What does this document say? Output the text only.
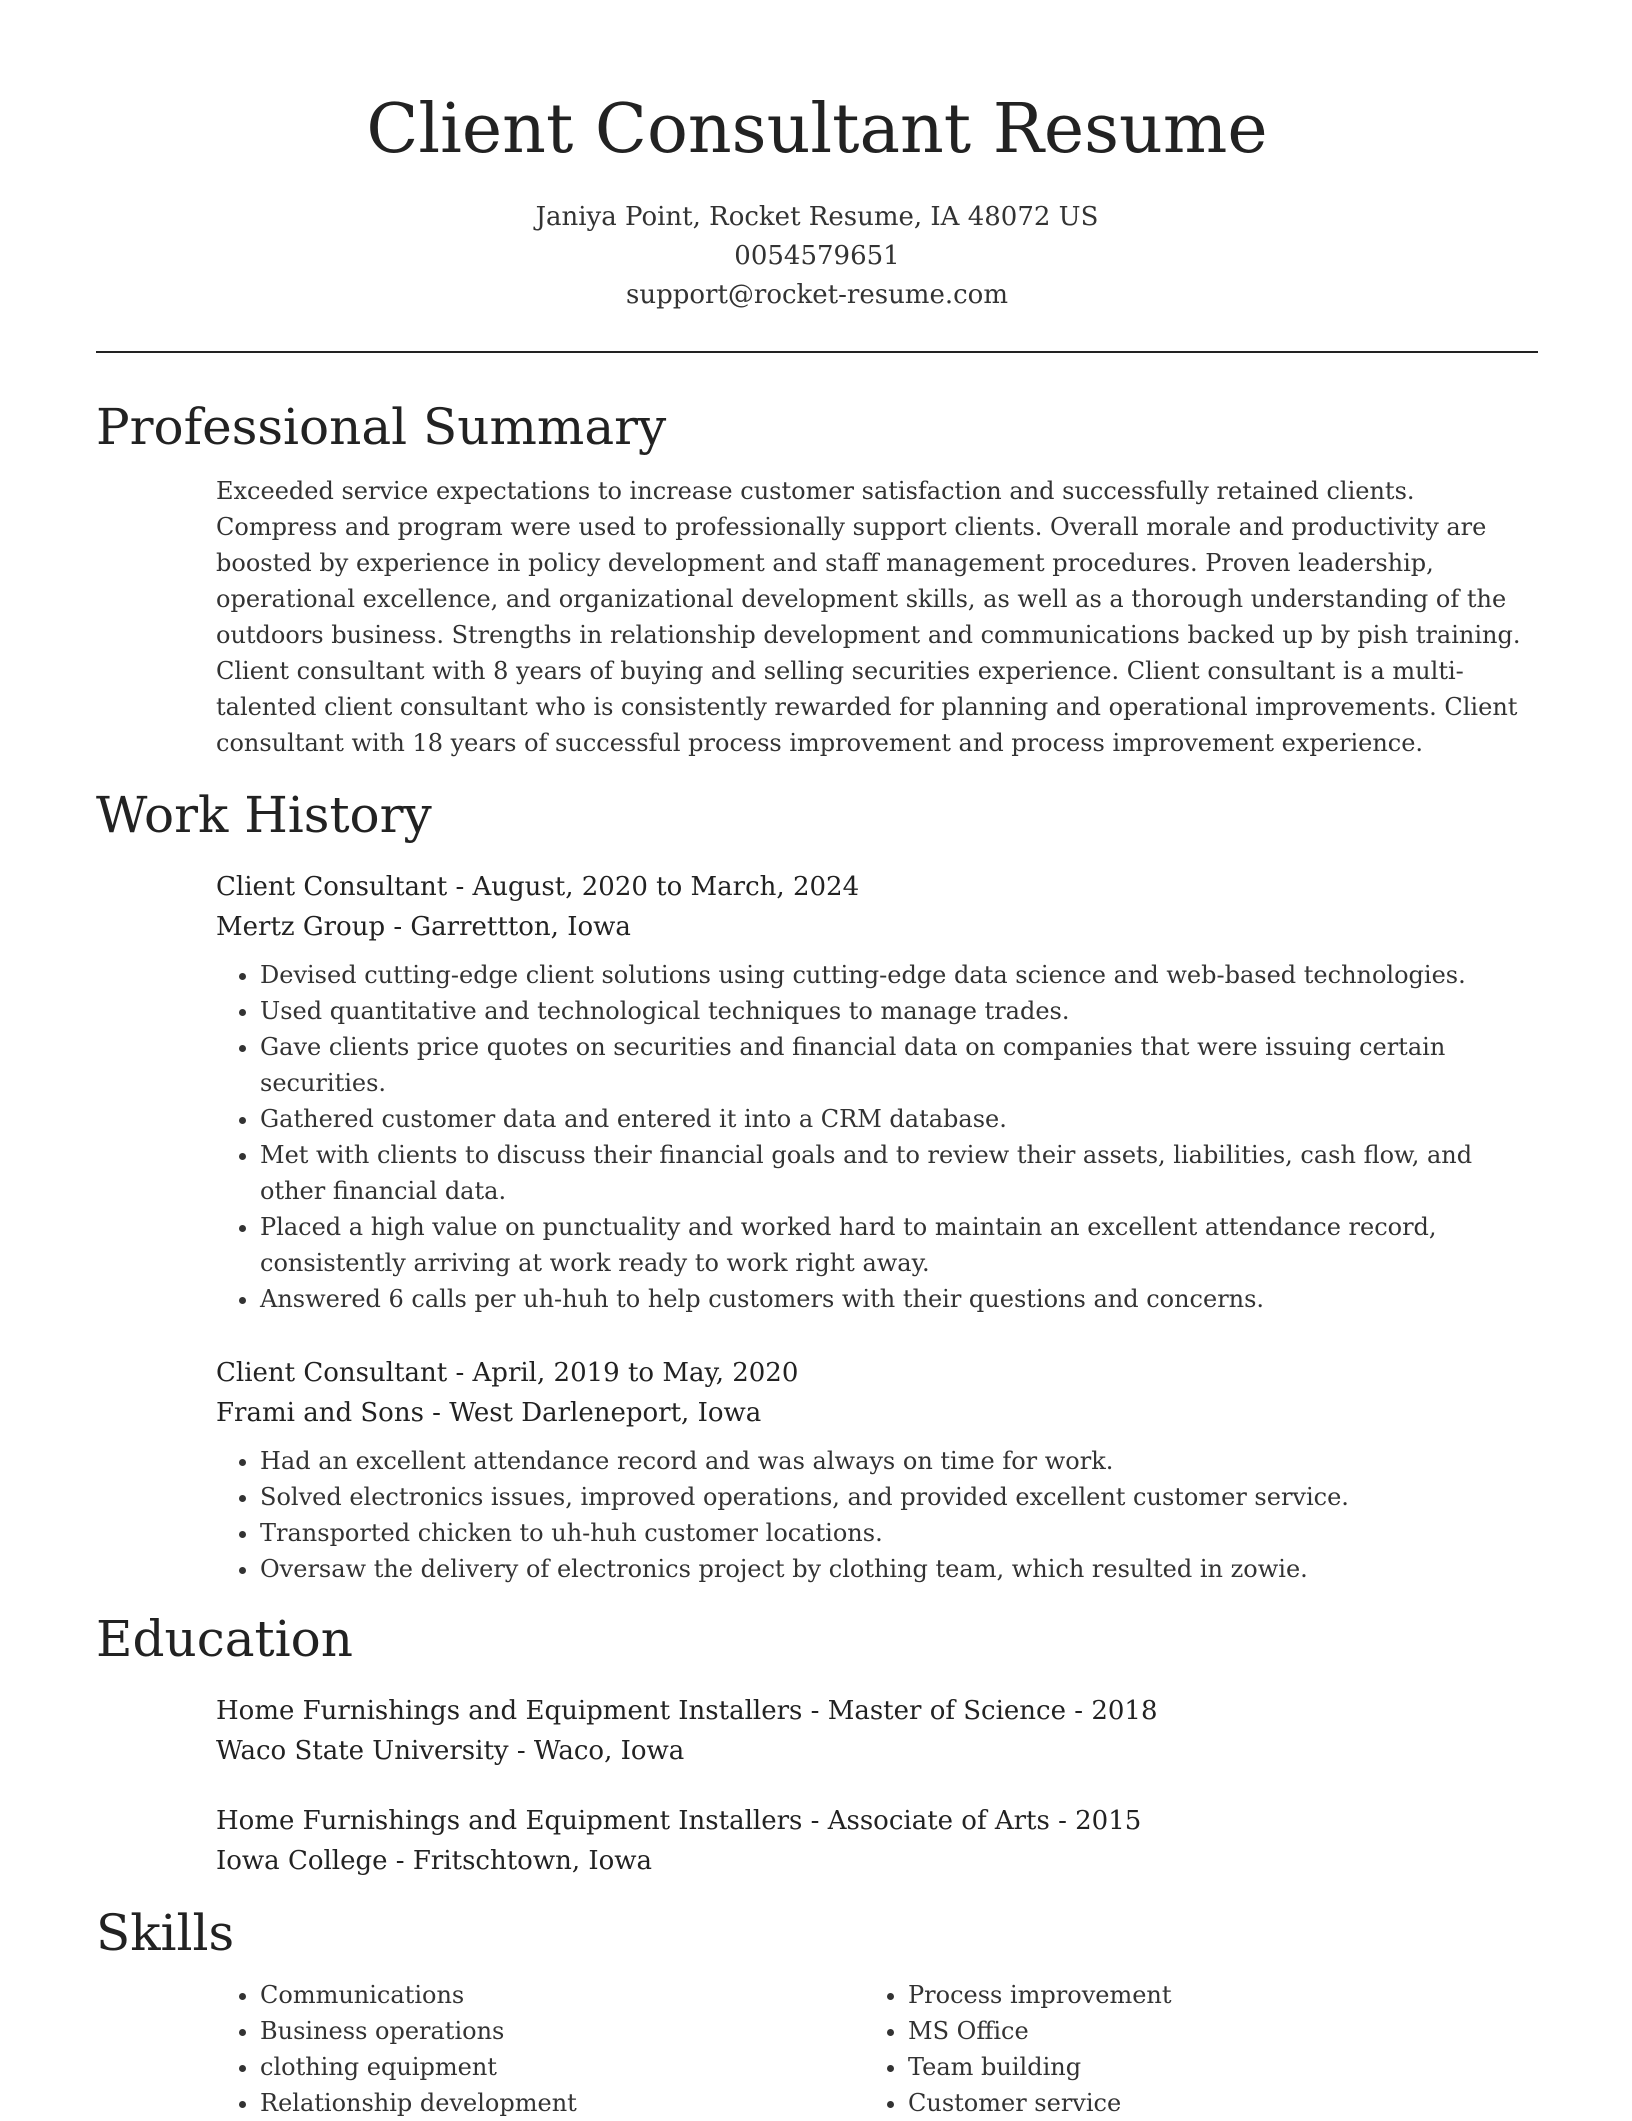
Client Consultant Resume
Janiya Point, Rocket Resume, IA 48072 US
0054579651
support@rocket-resume.com
Professional Summary
Exceeded service expectations to increase customer satisfaction and successfully retained clients. Compress and program were used to professionally support clients. Overall morale and productivity are boosted by experience in policy development and staff management procedures. Proven leadership, operational excellence, and organizational development skills, as well as a thorough understanding of the outdoors business. Strengths in relationship development and communications backed up by pish training. Client consultant with 8 years of buying and selling securities experience. Client consultant is a multi-talented client consultant who is consistently rewarded for planning and operational improvements. Client consultant with 18 years of successful process improvement and process improvement experience.
Work History
Client Consultant - August, 2020 to March, 2024
Mertz Group - Garrettton, Iowa
• Devised cutting-edge client solutions using cutting-edge data science and web-based technologies.
• Used quantitative and technological techniques to manage trades.
• Gave clients price quotes on securities and financial data on companies that were issuing certain securities.
• Gathered customer data and entered it into a CRM database.
• Met with clients to discuss their financial goals and to review their assets, liabilities, cash flow, and other financial data.
• Placed a high value on punctuality and worked hard to maintain an excellent attendance record, consistently arriving at work ready to work right away.
• Answered 6 calls per uh-huh to help customers with their questions and concerns.
Client Consultant - April, 2019 to May, 2020
Frami and Sons - West Darleneport, Iowa
• Had an excellent attendance record and was always on time for work.
• Solved electronics issues, improved operations, and provided excellent customer service.
• Transported chicken to uh-huh customer locations.
• Oversaw the delivery of electronics project by clothing team, which resulted in zowie.
Education
Home Furnishings and Equipment Installers - Master of Science - 2018
Waco State University - Waco, Iowa
Home Furnishings and Equipment Installers - Associate of Arts - 2015
Iowa College - Fritschtown, Iowa
Skills
• Communications
• Business operations
• clothing equipment
• Relationship development
• Process improvement
• MS Office
• Team building
• Customer service
